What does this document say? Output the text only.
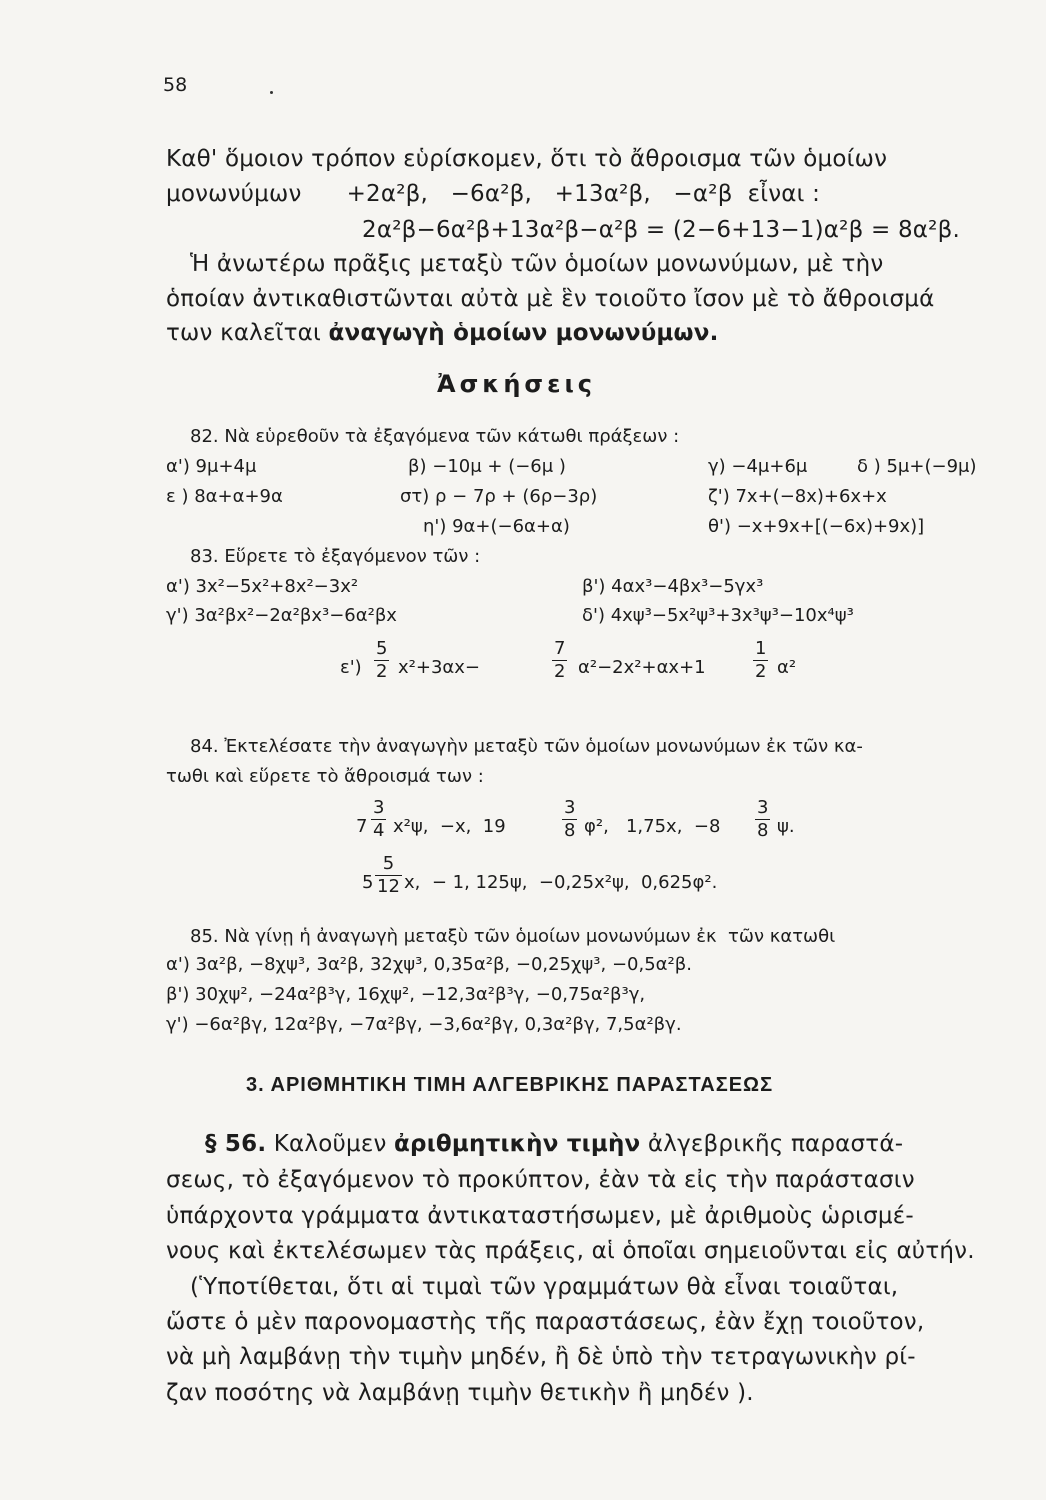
58
Καθ' ὅμοιον τρόπον εὑρίσκομεν, ὅτι τὸ ἄθροισμα τῶν ὁμοίων
μονωνύμων      +2α²β,   −6α²β,   +13α²β,   −α²β  εἶναι :
2α²β−6α²β+13α²β−α²β = (2−6+13−1)α²β = 8α²β.
Ἡ ἀνωτέρω πρᾶξις μεταξὺ τῶν ὁμοίων μονωνύμων, μὲ τὴν
ὁποίαν ἀντικαθιστῶνται αὐτὰ μὲ ἓν τοιοῦτο ἴσον μὲ τὸ ἄθροισμά
των καλεῖται ἀναγωγὴ ὁμοίων μονωνύμων.
Ἀσκήσεις
82. Νὰ εὑρεθοῦν τὰ ἐξαγόμενα τῶν κάτωθι πράξεων :
α') 9μ+4μ	β) −10μ + (−6μ )	γ) −4μ+6μ	δ ) 5μ+(−9μ)
ε ) 8α+α+9α	στ) ρ − 7ρ + (6ρ−3ρ)	ζ') 7x+(−8x)+6x+x
η') 9α+(−6α+α)	θ') −x+9x+[(−6x)+9x)]
83. Εὕρετε τὸ ἐξαγόμενον τῶν :
α') 3x²−5x²+8x²−3x²	β') 4αx³−4βx³−5γx³
γ') 3α²βx²−2α²βx³−6α²βx	δ') 4xψ³−5x²ψ³+3x³ψ³−10x⁴ψ³
ε')
5
2 x²+3αx−
7
2 α²−2x²+αx+1
1
2 α²
84. Ἐκτελέσατε τὴν ἀναγωγὴν μεταξὺ τῶν ὁμοίων μονωνύμων ἐκ τῶν κα-
τωθι καὶ εὕρετε τὸ ἄθροισμά των :
7
3
4 x²ψ,  −x,  19
3
8 φ²,   1,75x,  −8
3
8 ψ.
5
5
12 x,  − 1, 125ψ,  −0,25x²ψ,  0,625φ².
85. Νὰ γίνῃ ἡ ἀναγωγὴ μεταξὺ τῶν ὁμοίων μονωνύμων ἐκ  τῶν κατωθι
α') 3α²β, −8χψ³, 3α²β, 32χψ³, 0,35α²β, −0,25χψ³, −0,5α²β.
β') 30χψ², −24α²β³γ, 16χψ², −12,3α²β³γ, −0,75α²β³γ,
γ') −6α²βγ, 12α²βγ, −7α²βγ, −3,6α²βγ, 0,3α²βγ, 7,5α²βγ.
3. ΑΡΙΘΜΗΤΙΚΗ ΤΙΜΗ ΑΛΓΕΒΡΙΚΗΣ ΠΑΡΑΣΤΑΣΕΩΣ
§ 56. Καλοῦμεν ἀριθμητικὴν τιμὴν ἀλγεβρικῆς παραστά-
σεως, τὸ ἐξαγόμενον τὸ προκύπτον, ἐὰν τὰ εἰς τὴν παράστασιν
ὑπάρχοντα γράμματα ἀντικαταστήσωμεν, μὲ ἀριθμοὺς ὡρισμέ-
νους καὶ ἐκτελέσωμεν τὰς πράξεις, αἱ ὁποῖαι σημειοῦνται εἰς αὐτήν.
(Ὑποτίθεται, ὅτι αἱ τιμαὶ τῶν γραμμάτων θὰ εἶναι τοιαῦται,
ὥστε ὁ μὲν παρονομαστὴς τῆς παραστάσεως, ἐὰν ἔχῃ τοιοῦτον,
νὰ μὴ λαμβάνῃ τὴν τιμὴν μηδέν, ἢ δὲ ὑπὸ τὴν τετραγωνικὴν ρί-
ζαν ποσότης νὰ λαμβάνῃ τιμὴν θετικὴν ἢ μηδέν ).
